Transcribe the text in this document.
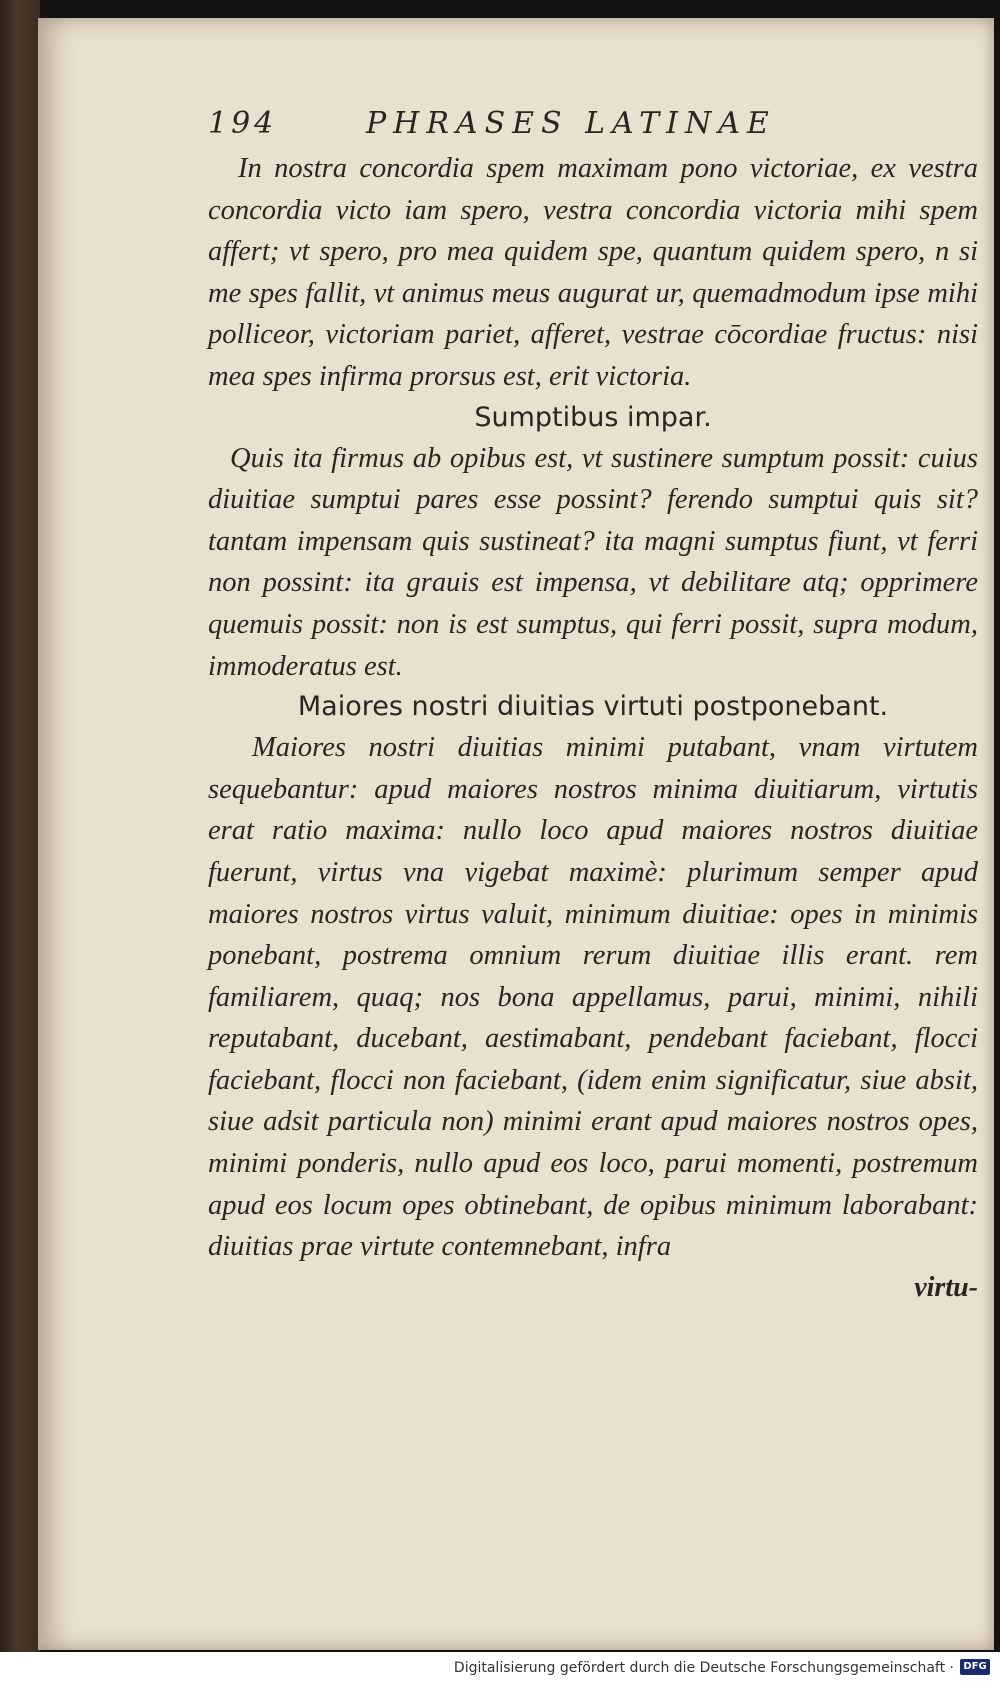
194	PHRASES LATINAE

In nostra concordia spem maximam pono victoriae, ex vestra concordia victo iam spero, vestra concordia victoria mihi spem affert; vt spero, pro mea quidem spe, quantum quidem spero, n si me spes fallit, vt animus meus augurat ur, quemadmodum ipse mihi polliceor, victoriam pariet, afferet, vestrae cōcordiae fructus: nisi mea spes infirma prorsus est, erit victoria.

Sumptibus impar.

Quis ita firmus ab opibus est, vt sustinere sumptum possit: cuius diuitiae sumptui pares esse possint? ferendo sumptui quis sit? tantam impensam quis sustineat? ita magni sumptus fiunt, vt ferri non possint: ita grauis est impensa, vt debilitare atq; opprimere quemuis possit: non is est sumptus, qui ferri possit, supra modum, immoderatus est.

Maiores nostri diuitias virtuti postponebant.

Maiores nostri diuitias minimi putabant, vnam virtutem sequebantur: apud maiores nostros minima diuitiarum, virtutis erat ratio maxima: nullo loco apud maiores nostros diuitiae fuerunt, virtus vna vigebat maximè: plurimum semper apud maiores nostros virtus valuit, minimum diuitiae: opes in minimis ponebant, postrema omnium rerum diuitiae illis erant. rem familiarem, quaq; nos bona appellamus, parui, minimi, nihili reputabant, ducebant, aestimabant, pendebant faciebant, flocci faciebant, flocci non faciebant, (idem enim significatur, siue absit, siue adsit particula non) minimi erant apud maiores nostros opes, minimi ponderis, nullo apud eos loco, parui momenti, postremum apud eos locum opes obtinebant, de opibus minimum laborabant: diuitias prae virtute contemnebant, infra

virtu-

Digitalisierung gefördert durch die Deutsche Forschungsgemeinschaft · DFG
